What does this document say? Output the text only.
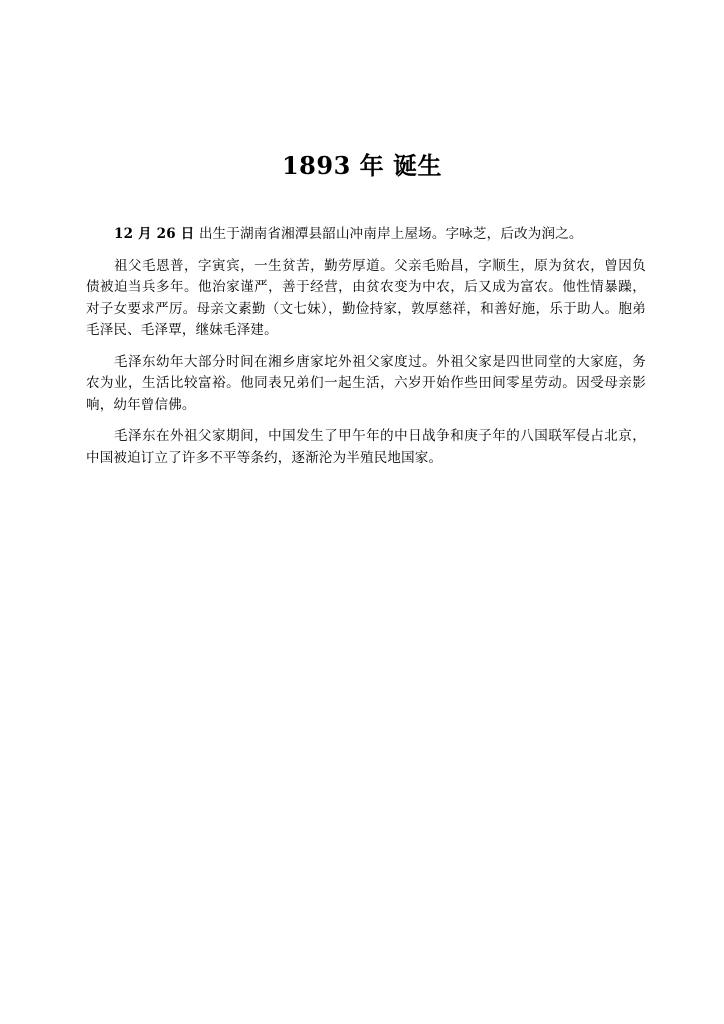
1893 年 诞生

12 月 26 日 出生于湖南省湘潭县韶山冲南岸上屋场。字咏芝，后改为润之。

祖父毛恩普，字寅宾，一生贫苦，勤劳厚道。父亲毛贻昌，字顺生，原为贫农，曾因负债被迫当兵多年。他治家谨严，善于经营，由贫农变为中农，后又成为富农。他性情暴躁，对子女要求严厉。母亲文素勤（文七妹），勤俭持家，敦厚慈祥，和善好施，乐于助人。胞弟毛泽民、毛泽覃，继妹毛泽建。

毛泽东幼年大部分时间在湘乡唐家坨外祖父家度过。外祖父家是四世同堂的大家庭，务农为业，生活比较富裕。他同表兄弟们一起生活，六岁开始作些田间零星劳动。因受母亲影响，幼年曾信佛。

毛泽东在外祖父家期间，中国发生了甲午年的中日战争和庚子年的八国联军侵占北京，中国被迫订立了许多不平等条约，逐渐沦为半殖民地国家。
